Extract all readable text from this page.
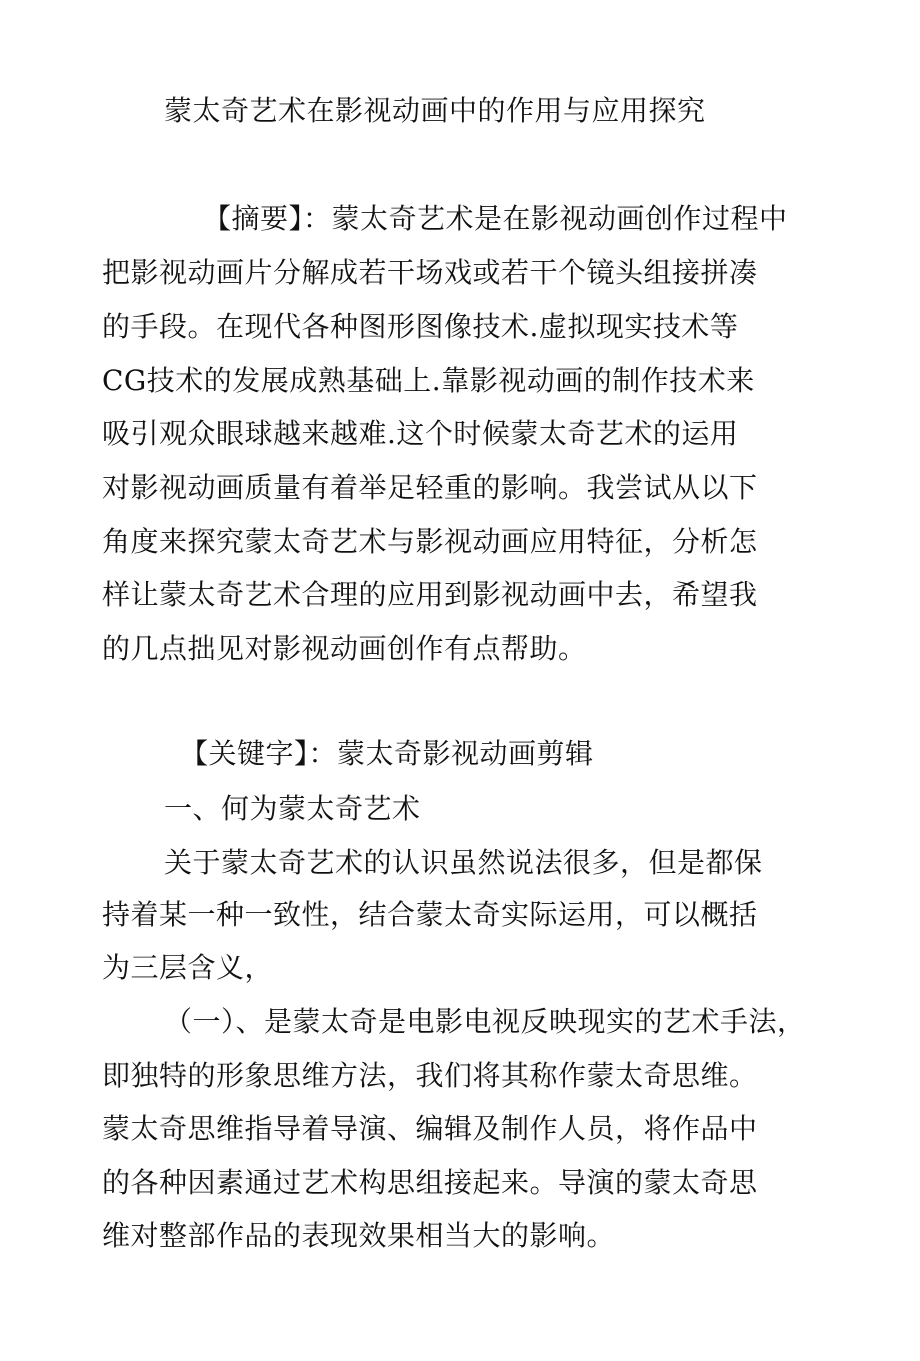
蒙太奇艺术在影视动画中的作用与应用探究
【摘要】：蒙太奇艺术是在影视动画创作过程中
把影视动画片分解成若干场戏或若干个镜头组接拼凑
的手段。在现代各种图形图像技术.虚拟现实技术等
CG技术的发展成熟基础上.靠影视动画的制作技术来
吸引观众眼球越来越难.这个时候蒙太奇艺术的运用
对影视动画质量有着举足轻重的影响。我尝试从以下
角度来探究蒙太奇艺术与影视动画应用特征，分析怎
样让蒙太奇艺术合理的应用到影视动画中去，希望我
的几点拙见对影视动画创作有点帮助。
【关键字】：蒙太奇影视动画剪辑
一、何为蒙太奇艺术
关于蒙太奇艺术的认识虽然说法很多，但是都保
持着某一种一致性，结合蒙太奇实际运用，可以概括
为三层含义，
（一）、是蒙太奇是电影电视反映现实的艺术手法，
即独特的形象思维方法，我们将其称作蒙太奇思维。
蒙太奇思维指导着导演、编辑及制作人员，将作品中
的各种因素通过艺术构思组接起来。导演的蒙太奇思
维对整部作品的表现效果相当大的影响。
